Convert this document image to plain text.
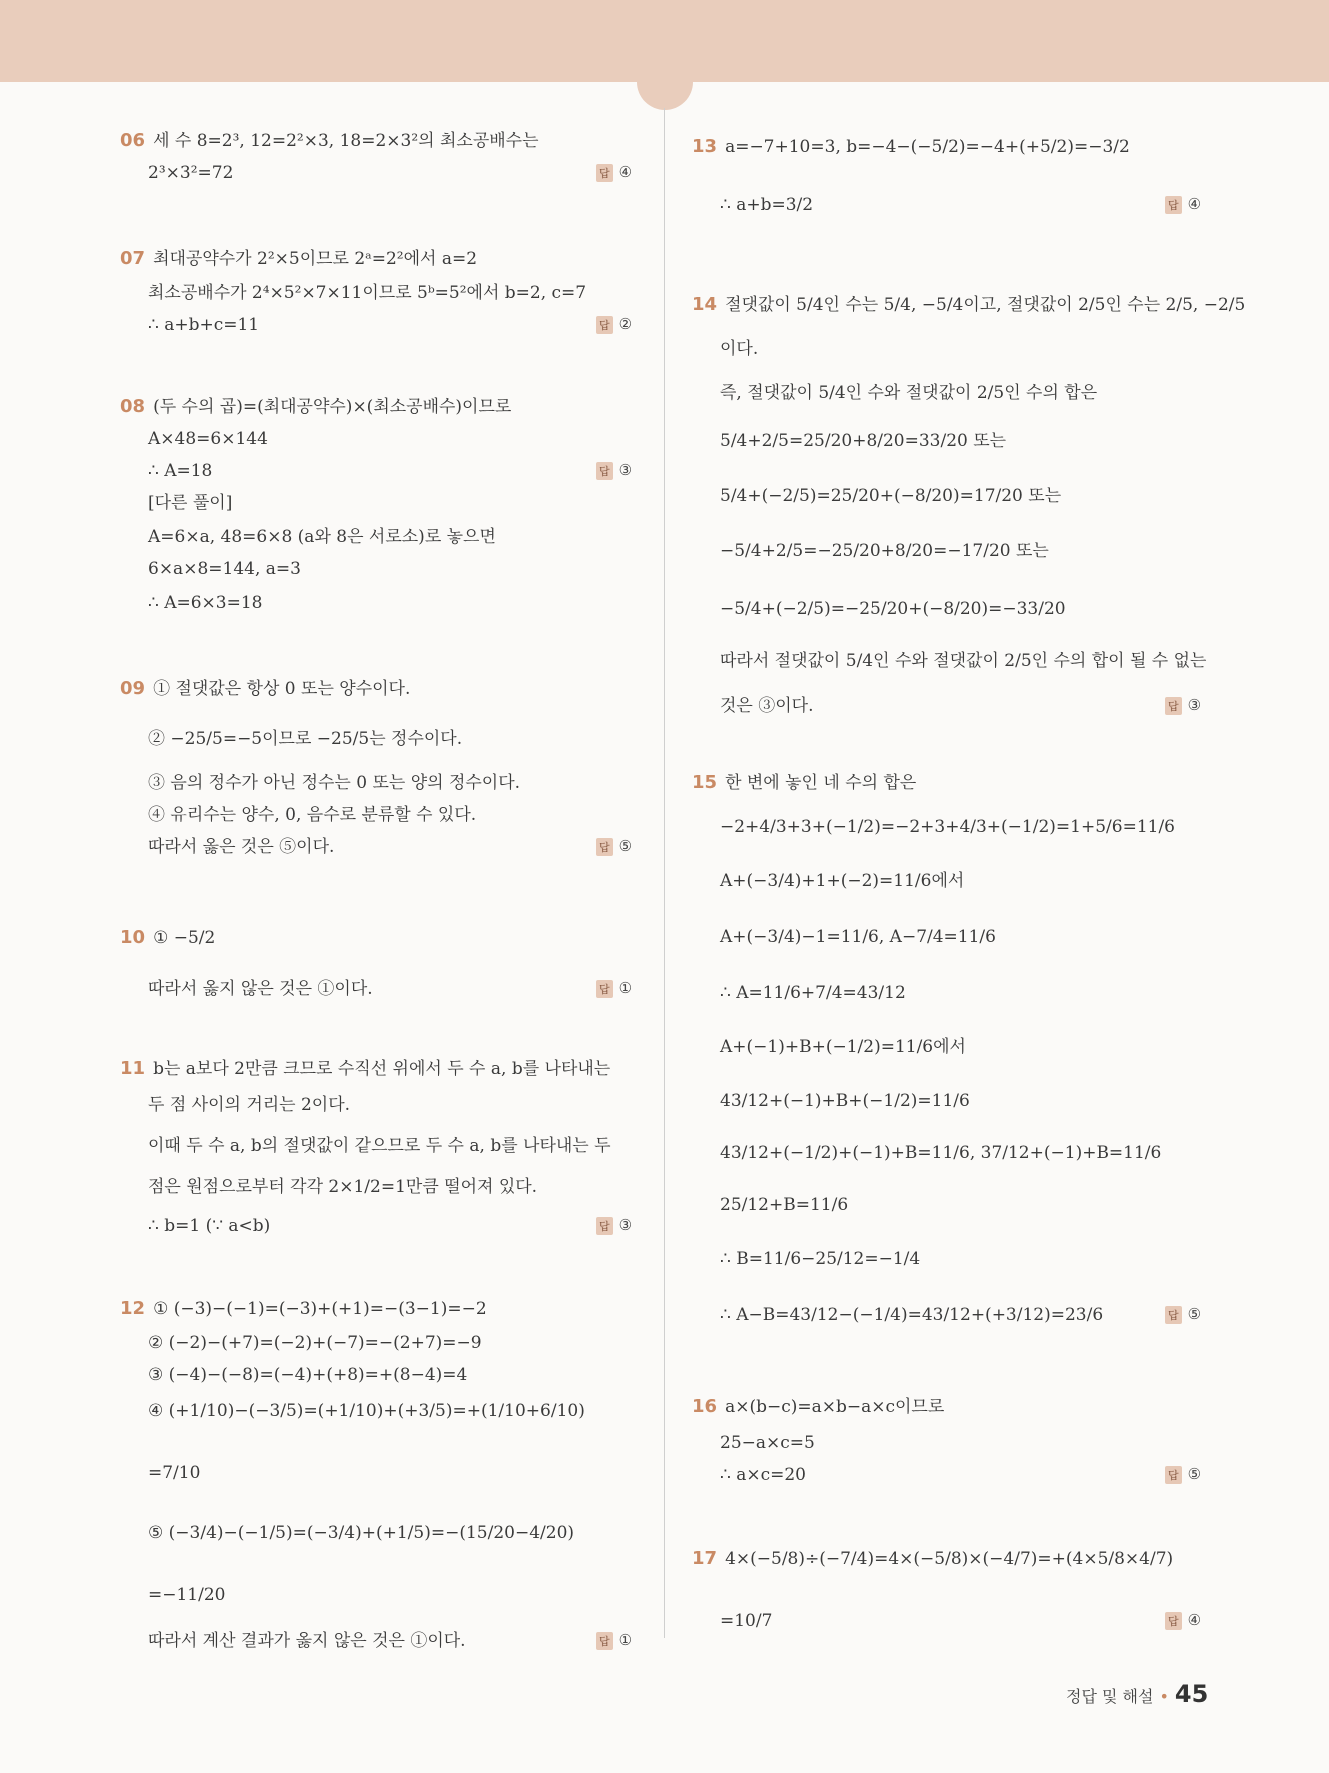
06 세 수 8=2³, 12=2²×3, 18=2×3²의 최소공배수는
2³×3²=72	답 ④
07 최대공약수가 2²×5이므로 2ᵃ=2²에서 a=2
최소공배수가 2⁴×5²×7×11이므로 5ᵇ=5²에서 b=2, c=7
∴ a+b+c=11	답 ②
08 (두 수의 곱)=(최대공약수)×(최소공배수)이므로
A×48=6×144
∴ A=18
[다른 풀이]
A=6×a, 48=6×8 (a와 8은 서로소)로 놓으면
6×a×8=144, a=3
∴ A=6×3=18
답 ③
09 ① 절댓값은 항상 0 또는 양수이다.
② −25/5=−5이므로 −25/5는 정수이다.
③ 음의 정수가 아닌 정수는 0 또는 양의 정수이다.
④ 유리수는 양수, 0, 음수로 분류할 수 있다.
따라서 옳은 것은 ⑤이다.	답 ⑤
10 ① −5/2
따라서 옳지 않은 것은 ①이다.	답 ①
11 b는 a보다 2만큼 크므로 수직선 위에서 두 수 a, b를 나타내는
두 점 사이의 거리는 2이다.
이때 두 수 a, b의 절댓값이 같으므로 두 수 a, b를 나타내는 두
점은 원점으로부터 각각 2×1/2=1만큼 떨어져 있다.
∴ b=1 (∵ a<b)	답 ③
12 ① (−3)−(−1)=(−3)+(+1)=−(3−1)=−2
② (−2)−(+7)=(−2)+(−7)=−(2+7)=−9
③ (−4)−(−8)=(−4)+(+8)=+(8−4)=4
④ (+1/10)−(−3/5)=(+1/10)+(+3/5)=+(1/10+6/10)
=7/10
⑤ (−3/4)−(−1/5)=(−3/4)+(+1/5)=−(15/20−4/20)
=−11/20
따라서 계산 결과가 옳지 않은 것은 ①이다.	답 ①
13 a=−7+10=3, b=−4−(−5/2)=−4+(+5/2)=−3/2
∴ a+b=3/2	답 ④
14 절댓값이 5/4인 수는 5/4, −5/4이고, 절댓값이 2/5인 수는 2/5, −2/5
이다.
즉, 절댓값이 5/4인 수와 절댓값이 2/5인 수의 합은
5/4+2/5=25/20+8/20=33/20 또는
5/4+(−2/5)=25/20+(−8/20)=17/20 또는
−5/4+2/5=−25/20+8/20=−17/20 또는
−5/4+(−2/5)=−25/20+(−8/20)=−33/20
따라서 절댓값이 5/4인 수와 절댓값이 2/5인 수의 합이 될 수 없는
것은 ③이다.	답 ③
15 한 변에 놓인 네 수의 합은
−2+4/3+3+(−1/2)=−2+3+4/3+(−1/2)=1+5/6=11/6
A+(−3/4)+1+(−2)=11/6에서
A+(−3/4)−1=11/6, A−7/4=11/6
∴ A=11/6+7/4=43/12
A+(−1)+B+(−1/2)=11/6에서
43/12+(−1)+B+(−1/2)=11/6
43/12+(−1/2)+(−1)+B=11/6, 37/12+(−1)+B=11/6
25/12+B=11/6
∴ B=11/6−25/12=−1/4
∴ A−B=43/12−(−1/4)=43/12+(+3/12)=23/6	답 ⑤
16 a×(b−c)=a×b−a×c이므로
25−a×c=5
∴ a×c=20	답 ⑤
17 4×(−5/8)÷(−7/4)=4×(−5/8)×(−4/7)=+(4×5/8×4/7)
=10/7	답 ④
정답 및 해설 • 45
